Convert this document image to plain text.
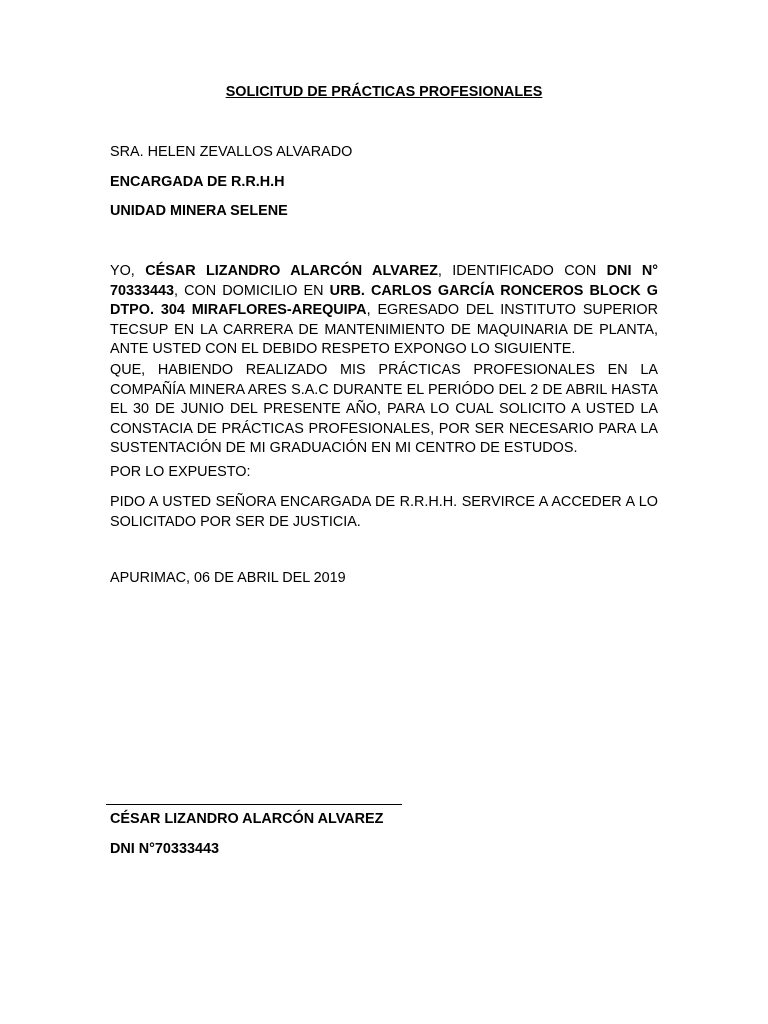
SOLICITUD DE PRÁCTICAS PROFESIONALES
SRA. HELEN ZEVALLOS ALVARADO
ENCARGADA DE R.R.H.H
UNIDAD MINERA SELENE

YO, CÉSAR LIZANDRO ALARCÓN ALVAREZ, IDENTIFICADO CON DNI N° 70333443, CON DOMICILIO EN URB. CARLOS GARCÍA RONCEROS BLOCK G DTPO. 304 MIRAFLORES-AREQUIPA, EGRESADO DEL INSTITUTO SUPERIOR TECSUP EN LA CARRERA DE MANTENIMIENTO DE MAQUINARIA DE PLANTA, ANTE USTED CON EL DEBIDO RESPETO EXPONGO LO SIGUIENTE.

QUE, HABIENDO REALIZADO MIS PRÁCTICAS PROFESIONALES EN LA COMPAÑÍA MINERA ARES S.A.C DURANTE EL PERIÓDO DEL 2 DE ABRIL HASTA EL 30 DE JUNIO DEL PRESENTE AÑO, PARA LO CUAL SOLICITO A USTED LA CONSTACIA DE PRÁCTICAS PROFESIONALES, POR SER NECESARIO PARA LA SUSTENTACIÓN DE MI GRADUACIÓN EN MI CENTRO DE ESTUDOS.

POR LO EXPUESTO:

PIDO A USTED SEÑORA ENCARGADA DE R.R.H.H. SERVIRCE A ACCEDER A LO SOLICITADO POR SER DE JUSTICIA.

APURIMAC, 06 DE ABRIL DEL 2019
CÉSAR LIZANDRO ALARCÓN ALVAREZ
DNI N°70333443
